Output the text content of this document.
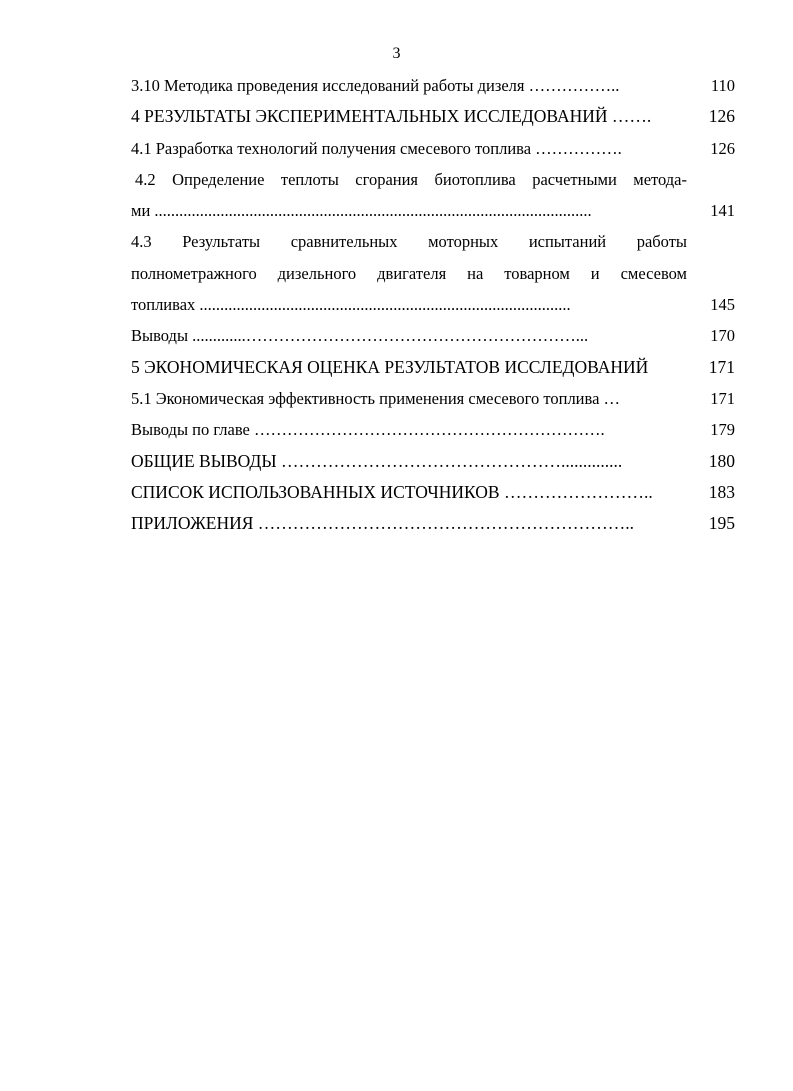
3
3.10 Методика проведения исследований работы дизеля ……………..	110
4 РЕЗУЛЬТАТЫ ЭКСПЕРИМЕНТАЛЬНЫХ ИССЛЕДОВАНИЙ …….	126
4.1 Разработка технологий получения смесевого топлива …………….	126
4.2 Определение теплоты сгорания биотоплива расчетными метода-
ми ..........................................................................................................	141
4.3 Результаты сравнительных моторных испытаний работы
полнометражного дизельного двигателя на товарном и смесевом
топливах ..........................................................................................	145
Выводы .............……………………………………………………...	170
5 ЭКОНОМИЧЕСКАЯ ОЦЕНКА РЕЗУЛЬТАТОВ ИССЛЕДОВАНИЙ	171
5.1 Экономическая эффективность применения смесевого топлива …	171
Выводы по главе ……………………………………………………….	179
ОБЩИЕ ВЫВОДЫ …………………………………………..............	180
СПИСОК ИСПОЛЬЗОВАННЫХ ИСТОЧНИКОВ ……………………..	183
ПРИЛОЖЕНИЯ ………………………………………………………..	195
